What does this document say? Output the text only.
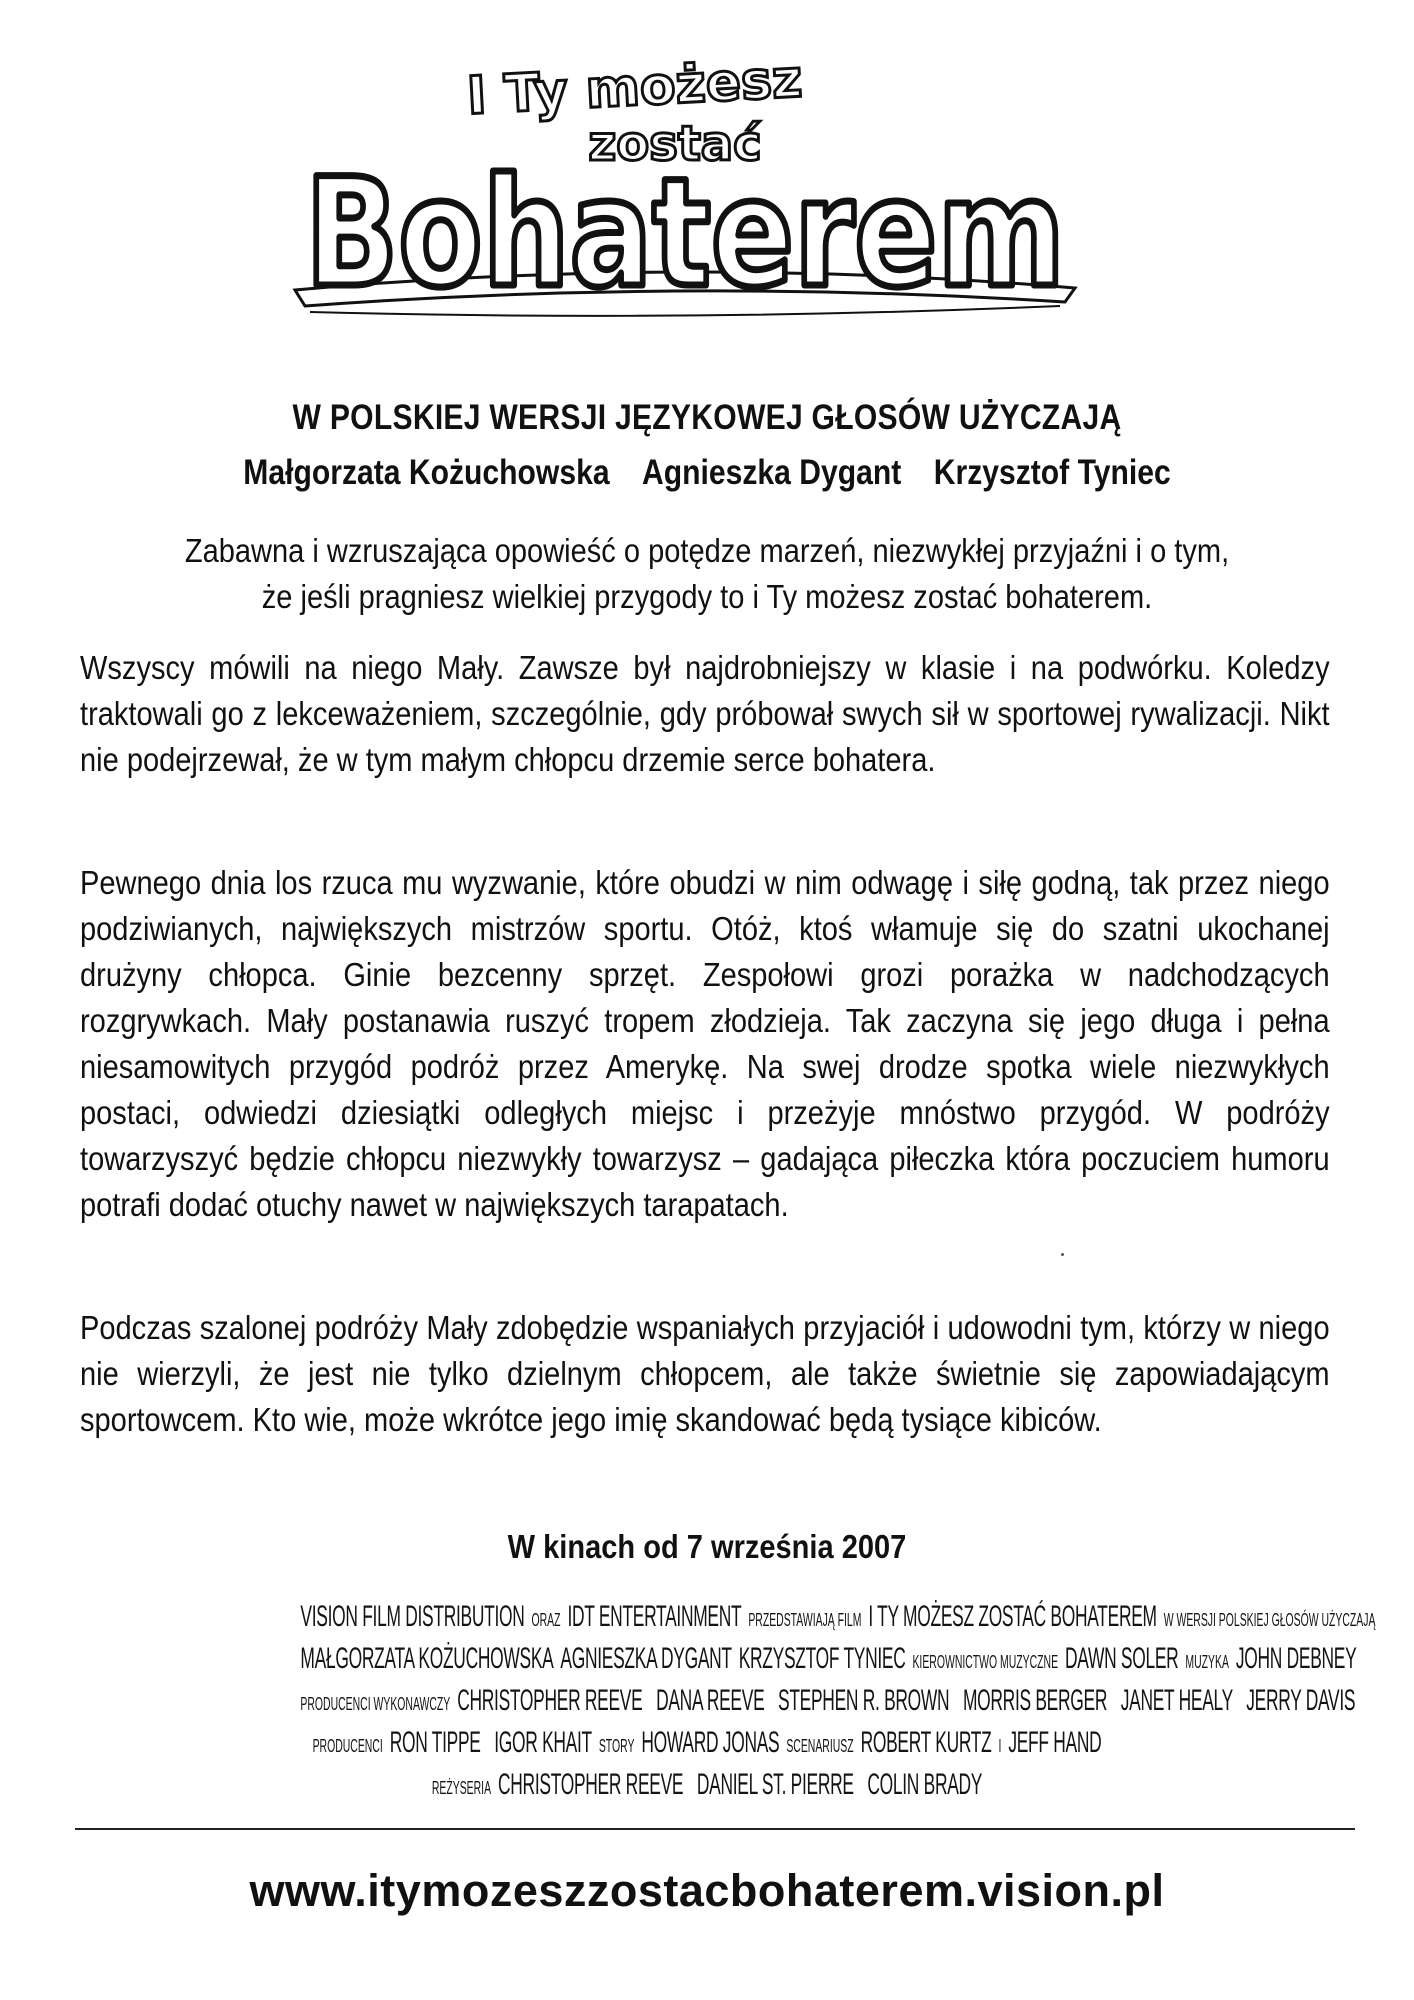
I Ty możesz
zostać
Bohaterem
W POLSKIEJ WERSJI JĘZYKOWEJ GŁOSÓW UŻYCZAJĄ
Małgorzata Kożuchowska Agnieszka Dygant Krzysztof Tyniec
Zabawna i wzruszająca opowieść o potędze marzeń, niezwykłej przyjaźni i o tym,
że jeśli pragniesz wielkiej przygody to i Ty możesz zostać bohaterem.

Wszyscy mówili na niego Mały. Zawsze był najdrobniejszy w klasie i na podwórku. Koledzy traktowali go z lekceważeniem, szczególnie, gdy próbował swych sił w sportowej rywalizacji. Nikt nie podejrzewał, że w tym małym chłopcu drzemie serce bohatera.

Pewnego dnia los rzuca mu wyzwanie, które obudzi w nim odwagę i siłę godną, tak przez niego podziwianych, największych mistrzów sportu. Otóż, ktoś włamuje się do szatni ukochanej drużyny chłopca. Ginie bezcenny sprzęt. Zespołowi grozi porażka w nadchodzących rozgrywkach. Mały postanawia ruszyć tropem złodzieja. Tak zaczyna się jego długa i pełna niesamowitych przygód podróż przez Amerykę. Na swej drodze spotka wiele niezwykłych postaci, odwiedzi dziesiątki odległych miejsc i przeżyje mnóstwo przygód. W podróży towarzyszyć będzie chłopcu niezwykły towarzysz – gadająca piłeczka która poczuciem humoru potrafi dodać otuchy nawet w największych tarapatach.

Podczas szalonej podróży Mały zdobędzie wspaniałych przyjaciół i udowodni tym, którzy w niego nie wierzyli, że jest nie tylko dzielnym chłopcem, ale także świetnie się zapowiadającym sportowcem. Kto wie, może wkrótce jego imię skandować będą tysiące kibiców.

W kinach od 7 września 2007
VISION FILM DISTRIBUTION ORAZ IDT ENTERTAINMENT PRZEDSTAWIAJĄ FILM I TY MOŻESZ ZOSTAĆ BOHATEREM W WERSJI POLSKIEJ GŁOSÓW UŻYCZAJĄ
MAŁGORZATA KOŻUCHOWSKA AGNIESZKA DYGANT KRZYSZTOF TYNIEC KIEROWNICTWO MUZYCZNE DAWN SOLER MUZYKA JOHN DEBNEY
PRODUCENCI WYKONAWCZY CHRISTOPHER REEVE   DANA REEVE   STEPHEN R. BROWN   MORRIS BERGER   JANET HEALY   JERRY DAVIS
PRODUCENCI RON TIPPE   IGOR KHAIT STORY HOWARD JONAS SCENARIUSZ ROBERT KURTZ I JEFF HAND
REŻYSERIA CHRISTOPHER REEVE   DANIEL ST. PIERRE   COLIN BRADY
www.itymozeszzostacbohaterem.vision.pl
